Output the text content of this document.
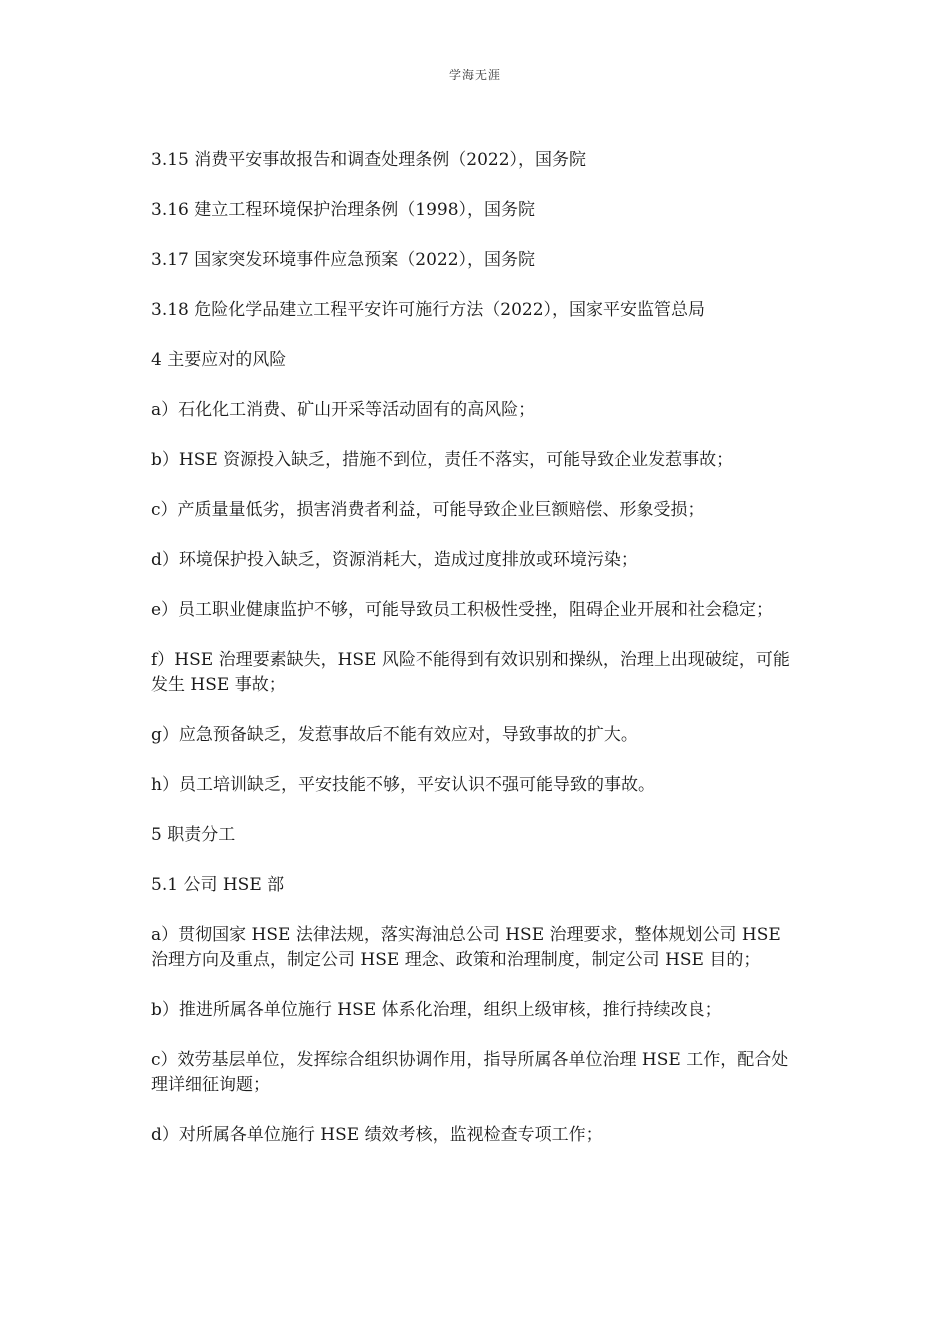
学海无涯

3.15 消费平安事故报告和调查处理条例（2022），国务院

3.16 建立工程环境保护治理条例（1998），国务院

3.17 国家突发环境事件应急预案（2022），国务院

3.18 危险化学品建立工程平安许可施行方法（2022），国家平安监管总局

4 主要应对的风险

a）石化化工消费、矿山开采等活动固有的高风险；

b）HSE 资源投入缺乏，措施不到位，责任不落实，可能导致企业发惹事故；

c）产质量量低劣，损害消费者利益，可能导致企业巨额赔偿、形象受损；

d）环境保护投入缺乏，资源消耗大，造成过度排放或环境污染；

e）员工职业健康监护不够，可能导致员工积极性受挫，阻碍企业开展和社会稳定；

f）HSE 治理要素缺失，HSE 风险不能得到有效识别和操纵，治理上出现破绽，可能发生 HSE 事故；

g）应急预备缺乏，发惹事故后不能有效应对，导致事故的扩大。

h）员工培训缺乏，平安技能不够，平安认识不强可能导致的事故。

5 职责分工

5.1 公司 HSE 部

a）贯彻国家 HSE 法律法规，落实海油总公司 HSE 治理要求，整体规划公司 HSE 治理方向及重点，制定公司 HSE 理念、政策和治理制度，制定公司 HSE 目的；

b）推进所属各单位施行 HSE 体系化治理，组织上级审核，推行持续改良；

c）效劳基层单位，发挥综合组织协调作用，指导所属各单位治理 HSE 工作，配合处理详细征询题；

d）对所属各单位施行 HSE 绩效考核，监视检查专项工作；
